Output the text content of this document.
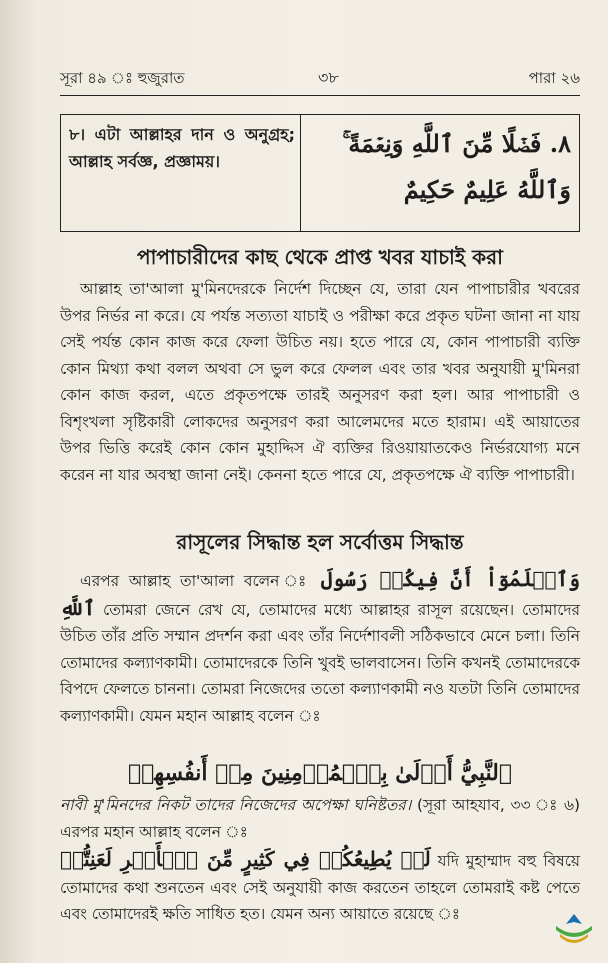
সূরা ৪৯ ঃ হুজুরাত	৩৮	পারা ২৬
৮। এটা আল্লাহর দান ও অনুগ্রহ; আল্লাহ সর্বজ্ঞ, প্রজ্ঞাময়।
٨. فَضۡلًا مِّنَ ٱللَّهِ وَنِعۡمَةً ۚ وَٱللَّهُ عَلِيمٌ حَكِيمٌ
পাপাচারীদের কাছ থেকে প্রাপ্ত খবর যাচাই করা

আল্লাহ তা'আলা মু'মিনদেরকে নির্দেশ দিচ্ছেন যে, তারা যেন পাপাচারীর খবরের উপর নির্ভর না করে। যে পর্যন্ত সত্যতা যাচাই ও পরীক্ষা করে প্রকৃত ঘটনা জানা না যায় সেই পর্যন্ত কোন কাজ করে ফেলা উচিত নয়। হতে পারে যে, কোন পাপাচারী ব্যক্তি কোন মিথ্যা কথা বলল অথবা সে ভুল করে ফেলল এবং তার খবর অনুযায়ী মু'মিনরা কোন কাজ করল, এতে প্রকৃতপক্ষে তারই অনুসরণ করা হল। আর পাপাচারী ও বিশৃংখলা সৃষ্টিকারী লোকদের অনুসরণ করা আলেমদের মতে হারাম। এই আয়াতের উপর ভিত্তি করেই কোন কোন মুহাদ্দিস ঐ ব্যক্তির রিওয়ায়াতকেও নির্ভরযোগ্য মনে করেন না যার অবস্থা জানা নেই। কেননা হতে পারে যে, প্রকৃতপক্ষে ঐ ব্যক্তি পাপাচারী।

রাসূলের সিদ্ধান্ত হল সর্বোত্তম সিদ্ধান্ত

এরপর আল্লাহ তা'আলা বলেন ঃ وَٱعۡلَمُوٓاْ أَنَّ فِيكُمۡ رَسُولَ ٱللَّهِ তোমরা জেনে রেখ যে, তোমাদের মধ্যে আল্লাহর রাসূল রয়েছেন। তোমাদের উচিত তাঁর প্রতি সম্মান প্রদর্শন করা এবং তাঁর নির্দেশাবলী সঠিকভাবে মেনে চলা। তিনি তোমাদের কল্যাণকামী। তোমাদেরকে তিনি খুবই ভালবাসেন। তিনি কখনই তোমাদেরকে বিপদে ফেলতে চাননা। তোমরা নিজেদের ততো কল্যাণকামী নও যতটা তিনি তোমাদের কল্যাণকামী। যেমন মহান আল্লাহ বলেন ঃ

ٱلنَّبِيُّ أَوۡلَىٰ بِٱلۡمُؤۡمِنِينَ مِنۡ أَنفُسِهِمۡ

নাবী মু'মিনদের নিকট তাদের নিজেদের অপেক্ষা ঘনিষ্টতর। (সূরা আহযাব, ৩৩ ঃ ৬) এরপর মহান আল্লাহ বলেন ঃ

لَوۡ يُطِيعُكُمۡ فِي كَثِيرٍ مِّنَ ٱلۡأَمۡرِ لَعَنِتُّمۡ যদি মুহাম্মাদ বহু বিষয়ে তোমাদের কথা শুনতেন এবং সেই অনুযায়ী কাজ করতেন তাহলে তোমরাই কষ্ট পেতে এবং তোমাদেরই ক্ষতি সাধিত হত। যেমন অন্য আয়াতে রয়েছে ঃ
